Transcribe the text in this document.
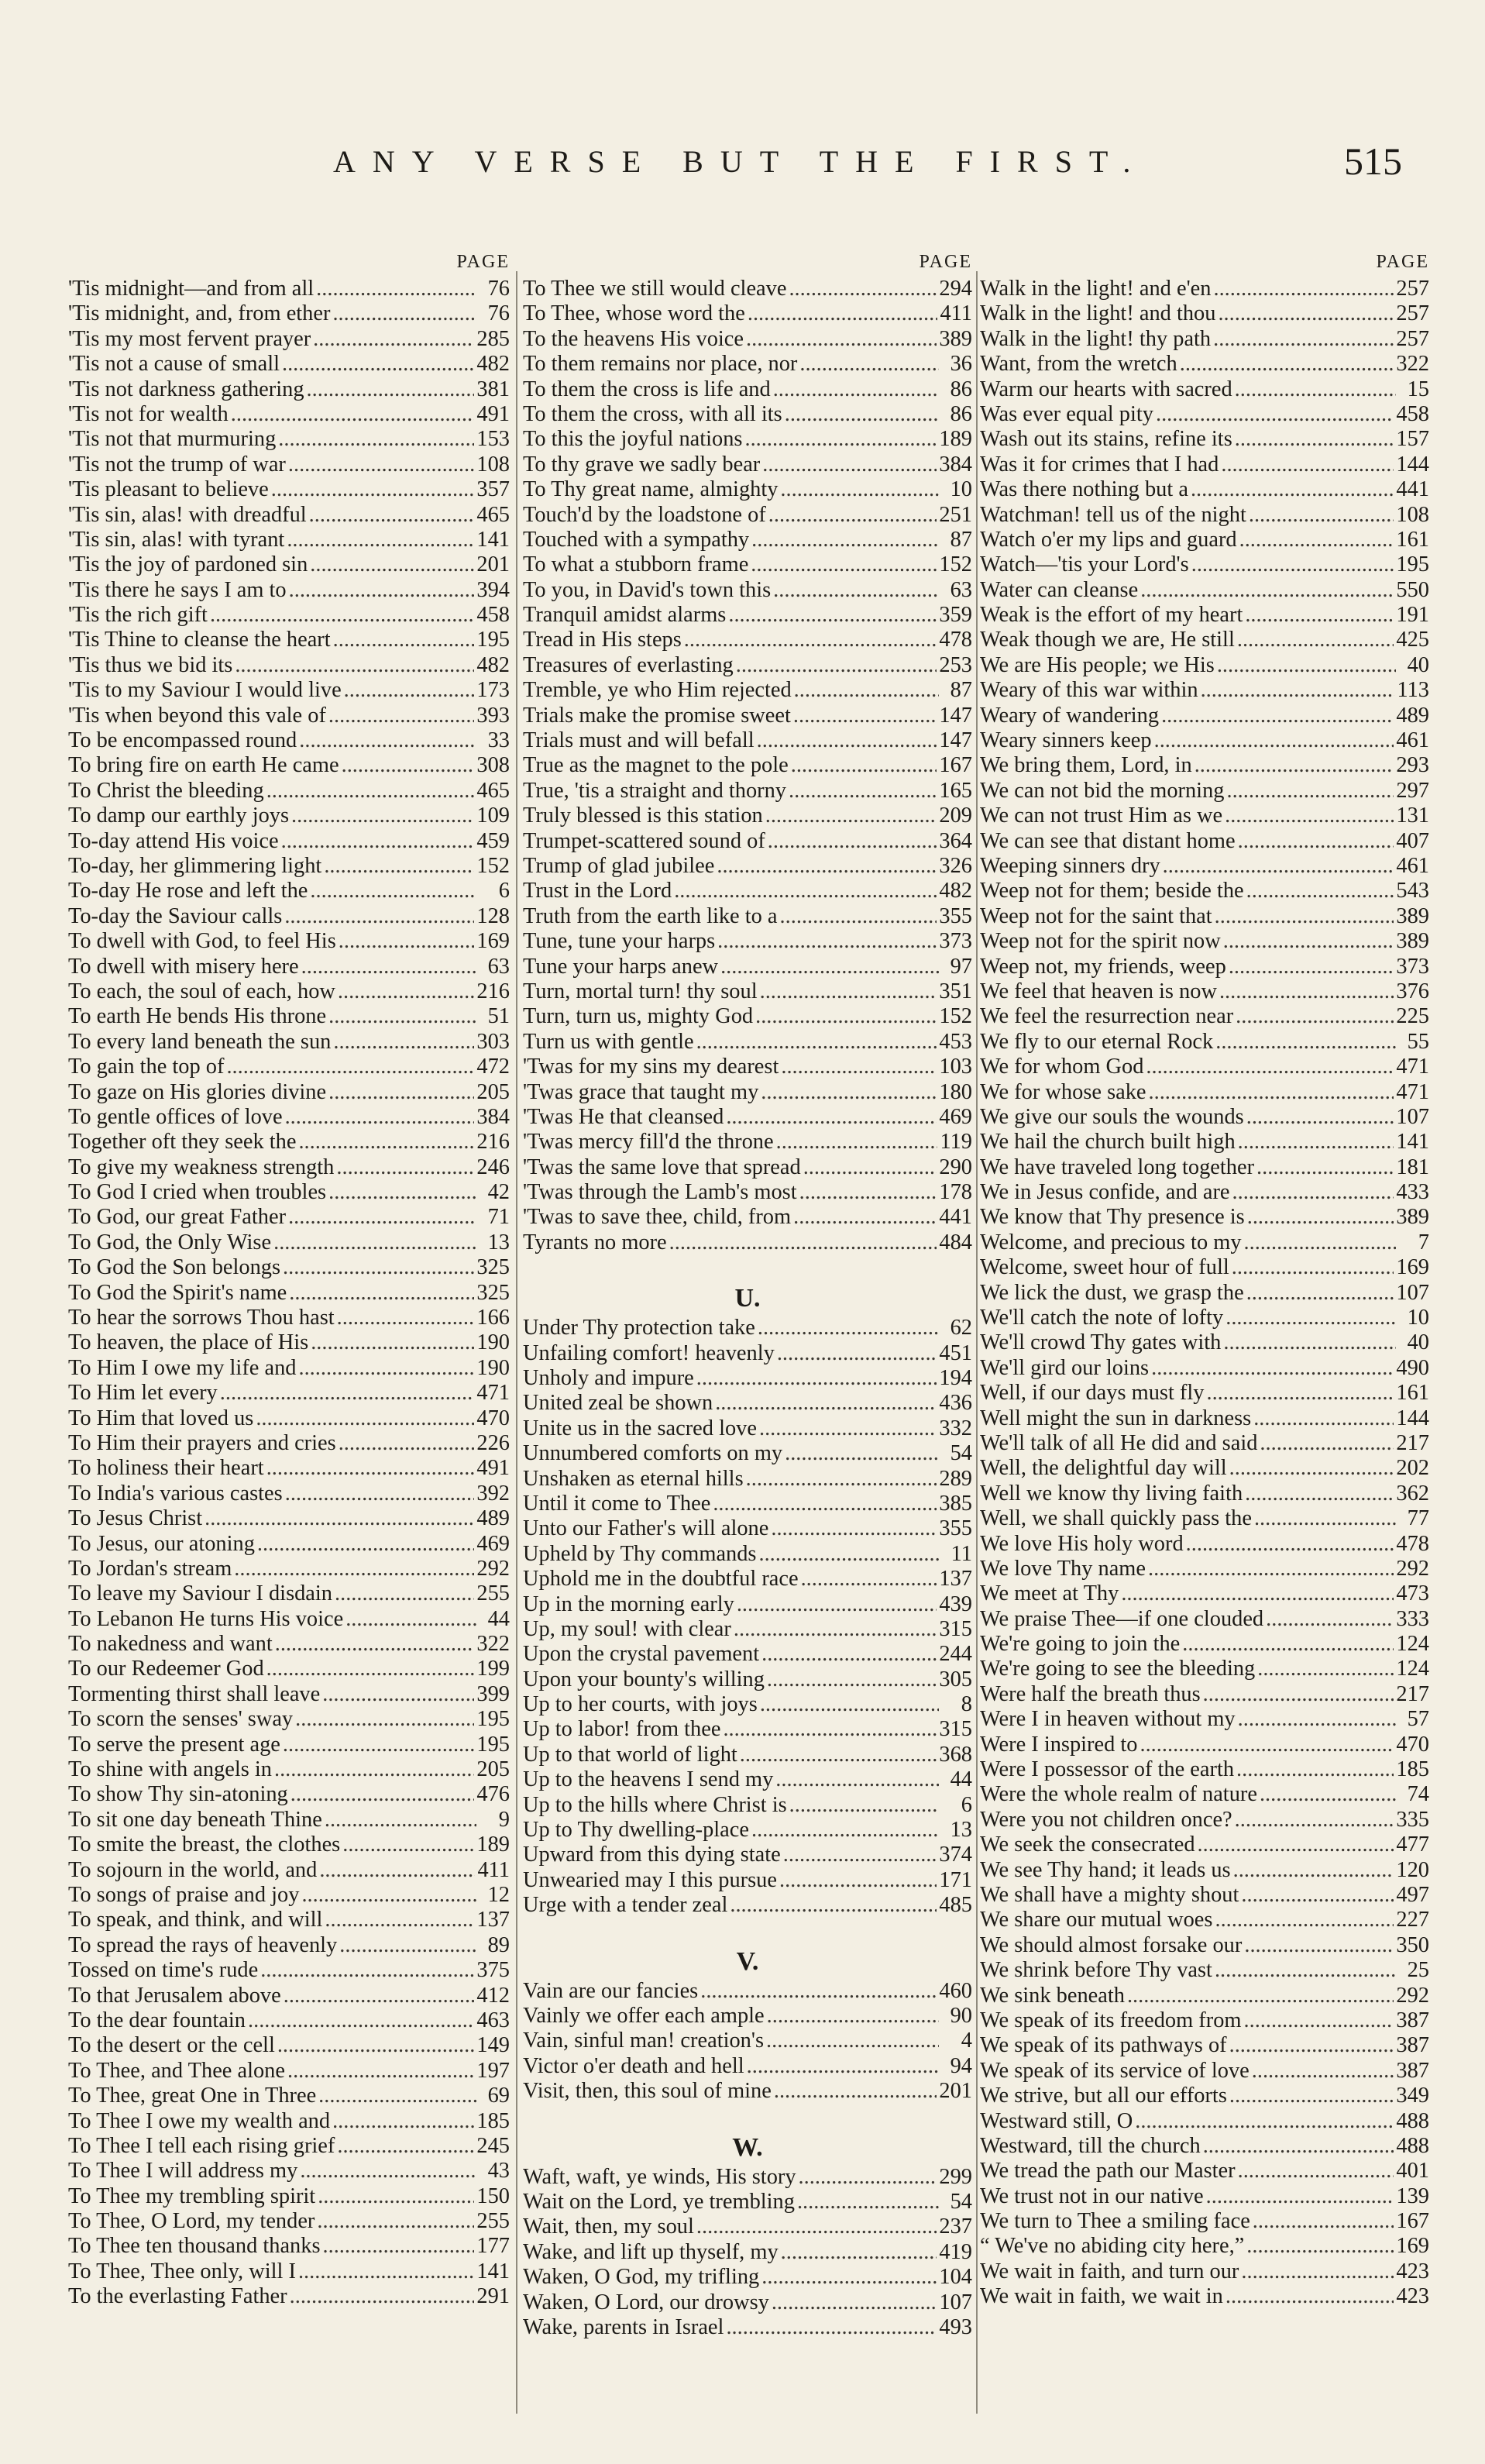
ANY VERSE BUT THE FIRST.	515
PAGE
'Tis midnight—and from all .....	76
'Tis midnight, and, from ether .....	76
'Tis my most fervent prayer .....	285
'Tis not a cause of small .....	482
'Tis not darkness gathering .....	381
'Tis not for wealth .....	491
'Tis not that murmuring .....	153
'Tis not the trump of war .....	108
'Tis pleasant to believe .....	357
'Tis sin, alas! with dreadful .....	465
'Tis sin, alas! with tyrant .....	141
'Tis the joy of pardoned sin .....	201
'Tis there he says I am to .....	394
'Tis the rich gift .....	458
'Tis Thine to cleanse the heart .....	195
'Tis thus we bid its .....	482
'Tis to my Saviour I would live .....	173
'Tis when beyond this vale of .....	393
To be encompassed round .....	33
To bring fire on earth He came .....	308
To Christ the bleeding .....	465
To damp our earthly joys .....	109
To-day attend His voice .....	459
To-day, her glimmering light .....	152
To-day He rose and left the .....	6
To-day the Saviour calls .....	128
To dwell with God, to feel His .....	169
To dwell with misery here .....	63
To each, the soul of each, how .....	216
To earth He bends His throne .....	51
To every land beneath the sun .....	303
To gain the top of .....	472
To gaze on His glories divine .....	205
To gentle offices of love .....	384
Together oft they seek the .....	216
To give my weakness strength .....	246
To God I cried when troubles .....	42
To God, our great Father .....	71
To God, the Only Wise .....	13
To God the Son belongs .....	325
To God the Spirit's name .....	325
To hear the sorrows Thou hast .....	166
To heaven, the place of His .....	190
To Him I owe my life and .....	190
To Him let every .....	471
To Him that loved us .....	470
To Him their prayers and cries .....	226
To holiness their heart .....	491
To India's various castes .....	392
To Jesus Christ .....	489
To Jesus, our atoning .....	469
To Jordan's stream .....	292
To leave my Saviour I disdain .....	255
To Lebanon He turns His voice .....	44
To nakedness and want .....	322
To our Redeemer God .....	199
Tormenting thirst shall leave .....	399
To scorn the senses' sway .....	195
To serve the present age .....	195
To shine with angels in .....	205
To show Thy sin-atoning .....	476
To sit one day beneath Thine .....	9
To smite the breast, the clothes .....	189
To sojourn in the world, and .....	411
To songs of praise and joy .....	12
To speak, and think, and will .....	137
To spread the rays of heavenly .....	89
Tossed on time's rude .....	375
To that Jerusalem above .....	412
To the dear fountain .....	463
To the desert or the cell .....	149
To Thee, and Thee alone .....	197
To Thee, great One in Three .....	69
To Thee I owe my wealth and .....	185
To Thee I tell each rising grief .....	245
To Thee I will address my .....	43
To Thee my trembling spirit .....	150
To Thee, O Lord, my tender .....	255
To Thee ten thousand thanks .....	177
To Thee, Thee only, will I .....	141
To the everlasting Father .....	291
PAGE
To Thee we still would cleave .....	294
To Thee, whose word the .....	411
To the heavens His voice .....	389
To them remains nor place, nor .....	36
To them the cross is life and .....	86
To them the cross, with all its .....	86
To this the joyful nations .....	189
To thy grave we sadly bear .....	384
To Thy great name, almighty .....	10
Touch'd by the loadstone of .....	251
Touched with a sympathy .....	87
To what a stubborn frame .....	152
To you, in David's town this .....	63
Tranquil amidst alarms .....	359
Tread in His steps .....	478
Treasures of everlasting .....	253
Tremble, ye who Him rejected .....	87
Trials make the promise sweet .....	147
Trials must and will befall .....	147
True as the magnet to the pole .....	167
True, 'tis a straight and thorny .....	165
Truly blessed is this station .....	209
Trumpet-scattered sound of .....	364
Trump of glad jubilee .....	326
Trust in the Lord .....	482
Truth from the earth like to a .....	355
Tune, tune your harps .....	373
Tune your harps anew .....	97
Turn, mortal turn! thy soul .....	351
Turn, turn us, mighty God .....	152
Turn us with gentle .....	453
'Twas for my sins my dearest .....	103
'Twas grace that taught my .....	180
'Twas He that cleansed .....	469
'Twas mercy fill'd the throne .....	119
'Twas the same love that spread .....	290
'Twas through the Lamb's most .....	178
'Twas to save thee, child, from .....	441
Tyrants no more .....	484
U.
Under Thy protection take .....	62
Unfailing comfort! heavenly .....	451
Unholy and impure .....	194
United zeal be shown .....	436
Unite us in the sacred love .....	332
Unnumbered comforts on my .....	54
Unshaken as eternal hills .....	289
Until it come to Thee .....	385
Unto our Father's will alone .....	355
Upheld by Thy commands .....	11
Uphold me in the doubtful race .....	137
Up in the morning early .....	439
Up, my soul! with clear .....	315
Upon the crystal pavement .....	244
Upon your bounty's willing .....	305
Up to her courts, with joys .....	8
Up to labor! from thee .....	315
Up to that world of light .....	368
Up to the heavens I send my .....	44
Up to the hills where Christ is .....	6
Up to Thy dwelling-place .....	13
Upward from this dying state .....	374
Unwearied may I this pursue .....	171
Urge with a tender zeal .....	485
V.
Vain are our fancies .....	460
Vainly we offer each ample .....	90
Vain, sinful man! creation's .....	4
Victor o'er death and hell .....	94
Visit, then, this soul of mine .....	201
W.
Waft, waft, ye winds, His story .....	299
Wait on the Lord, ye trembling .....	54
Wait, then, my soul .....	237
Wake, and lift up thyself, my .....	419
Waken, O God, my trifling .....	104
Waken, O Lord, our drowsy .....	107
Wake, parents in Israel .....	493
PAGE
Walk in the light! and e'en .....	257
Walk in the light! and thou .....	257
Walk in the light! thy path .....	257
Want, from the wretch .....	322
Warm our hearts with sacred .....	15
Was ever equal pity .....	458
Wash out its stains, refine its .....	157
Was it for crimes that I had .....	144
Was there nothing but a .....	441
Watchman! tell us of the night .....	108
Watch o'er my lips and guard .....	161
Watch—'tis your Lord's .....	195
Water can cleanse .....	550
Weak is the effort of my heart .....	191
Weak though we are, He still .....	425
We are His people; we His .....	40
Weary of this war within .....	113
Weary of wandering .....	489
Weary sinners keep .....	461
We bring them, Lord, in .....	293
We can not bid the morning .....	297
We can not trust Him as we .....	131
We can see that distant home .....	407
Weeping sinners dry .....	461
Weep not for them; beside the .....	543
Weep not for the saint that .....	389
Weep not for the spirit now .....	389
Weep not, my friends, weep .....	373
We feel that heaven is now .....	376
We feel the resurrection near .....	225
We fly to our eternal Rock .....	55
We for whom God .....	471
We for whose sake .....	471
We give our souls the wounds .....	107
We hail the church built high .....	141
We have traveled long together .....	181
We in Jesus confide, and are .....	433
We know that Thy presence is .....	389
Welcome, and precious to my .....	7
Welcome, sweet hour of full .....	169
We lick the dust, we grasp the .....	107
We'll catch the note of lofty .....	10
We'll crowd Thy gates with .....	40
We'll gird our loins .....	490
Well, if our days must fly .....	161
Well might the sun in darkness .....	144
We'll talk of all He did and said .....	217
Well, the delightful day will .....	202
Well we know thy living faith .....	362
Well, we shall quickly pass the .....	77
We love His holy word .....	478
We love Thy name .....	292
We meet at Thy .....	473
We praise Thee—if one clouded .....	333
We're going to join the .....	124
We're going to see the bleeding .....	124
Were half the breath thus .....	217
Were I in heaven without my .....	57
Were I inspired to .....	470
Were I possessor of the earth .....	185
Were the whole realm of nature .....	74
Were you not children once? .....	335
We seek the consecrated .....	477
We see Thy hand; it leads us .....	120
We shall have a mighty shout .....	497
We share our mutual woes .....	227
We should almost forsake our .....	350
We shrink before Thy vast .....	25
We sink beneath .....	292
We speak of its freedom from .....	387
We speak of its pathways of .....	387
We speak of its service of love .....	387
We strive, but all our efforts .....	349
Westward still, O .....	488
Westward, till the church .....	488
We tread the path our Master .....	401
We trust not in our native .....	139
We turn to Thee a smiling face .....	167
“ We've no abiding city here,” .....	169
We wait in faith, and turn our .....	423
We wait in faith, we wait in .....	423
